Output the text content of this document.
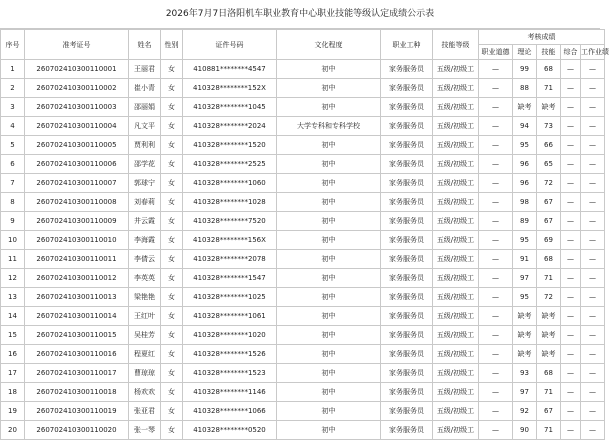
2026年7月7日洛阳机车职业教育中心职业技能等级认定成绩公示表
序号	准考证号	姓名	性别	证件号码	文化程度	职业工种	技能等级	考核成绩				
								职业道德	理论	技能	综合	工作业绩
1	260702410300110001	王丽君	女	410881********4547	初中	家务服务员	五级/初级工	—	99	68	—	—
2	260702410300110002	崔小青	女	410328********152X	初中	家务服务员	五级/初级工	—	88	71	—	—
3	260702410300110003	邵丽娟	女	410328********1045	初中	家务服务员	五级/初级工	—	缺考	缺考	—	—
4	260702410300110004	凡文平	女	410328********2024	大学专科和专科学校	家务服务员	五级/初级工	—	94	73	—	—
5	260702410300110005	贾利利	女	410328********1520	初中	家务服务员	五级/初级工	—	95	66	—	—
6	260702410300110006	邵学花	女	410328********2525	初中	家务服务员	五级/初级工	—	96	65	—	—
7	260702410300110007	郭球宁	女	410328********1060	初中	家务服务员	五级/初级工	—	96	72	—	—
8	260702410300110008	刘春莉	女	410328********1028	初中	家务服务员	五级/初级工	—	98	67	—	—
9	260702410300110009	井云霞	女	410328********7520	初中	家务服务员	五级/初级工	—	89	67	—	—
10	260702410300110010	李海霞	女	410328********156X	初中	家务服务员	五级/初级工	—	95	69	—	—
11	260702410300110011	李倩云	女	410328********2078	初中	家务服务员	五级/初级工	—	91	68	—	—
12	260702410300110012	李英英	女	410328********1547	初中	家务服务员	五级/初级工	—	97	71	—	—
13	260702410300110013	梁艳艳	女	410328********1025	初中	家务服务员	五级/初级工	—	95	72	—	—
14	260702410300110014	王红叶	女	410328********1061	初中	家务服务员	五级/初级工	—	缺考	缺考	—	—
15	260702410300110015	吴桂芳	女	410328********1020	初中	家务服务员	五级/初级工	—	缺考	缺考	—	—
16	260702410300110016	程夏红	女	410328********1526	初中	家务服务员	五级/初级工	—	缺考	缺考	—	—
17	260702410300110017	曹琼琼	女	410328********1523	初中	家务服务员	五级/初级工	—	93	68	—	—
18	260702410300110018	杨欢欢	女	410328********1146	初中	家务服务员	五级/初级工	—	97	71	—	—
19	260702410300110019	张亚君	女	410328********1066	初中	家务服务员	五级/初级工	—	92	67	—	—
20	260702410300110020	张一琴	女	410328********0520	初中	家务服务员	五级/初级工	—	90	71	—	—
